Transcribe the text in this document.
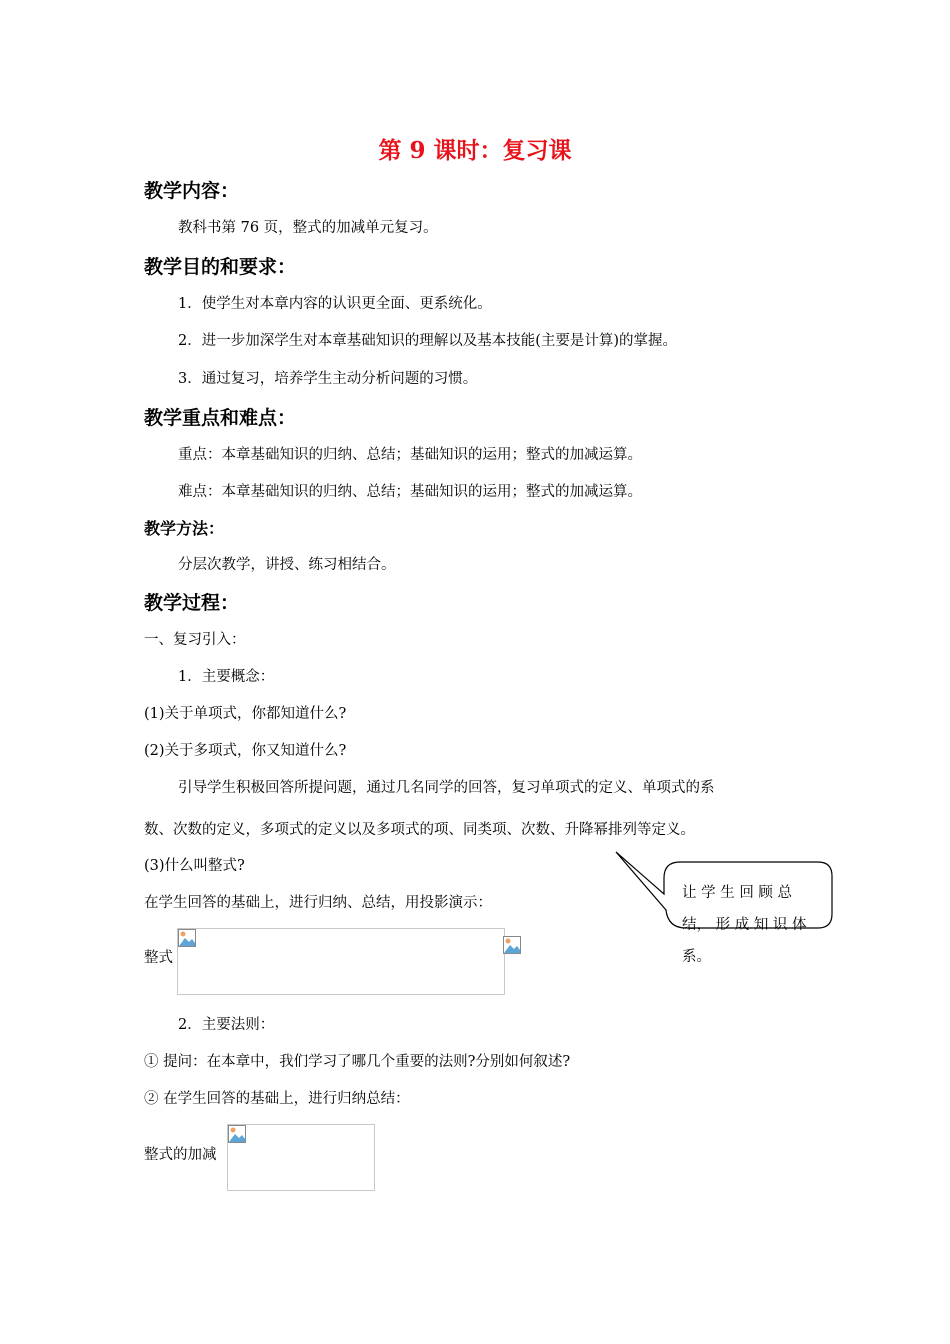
第 9 课时：复习课
教学内容：
教科书第 76 页，整式的加减单元复习。
教学目的和要求：
1．使学生对本章内容的认识更全面、更系统化。
2．进一步加深学生对本章基础知识的理解以及基本技能(主要是计算)的掌握。
3．通过复习，培养学生主动分析问题的习惯。
教学重点和难点：
重点：本章基础知识的归纳、总结；基础知识的运用；整式的加减运算。
难点：本章基础知识的归纳、总结；基础知识的运用；整式的加减运算。
教学方法：
分层次教学，讲授、练习相结合。
教学过程：
一、复习引入：
1．主要概念：
(1)关于单项式，你都知道什么?
(2)关于多项式，你又知道什么?
引导学生积极回答所提问题，通过几名同学的回答，复习单项式的定义、单项式的系
数、次数的定义，多项式的定义以及多项式的项、同类项、次数、升降幂排列等定义。
(3)什么叫整式?
在学生回答的基础上，进行归纳、总结，用投影演示：
让 学 生 回 顾 总
结， 形 成 知 识 体
系。
整式
2．主要法则：
① 提问：在本章中，我们学习了哪几个重要的法则?分别如何叙述?
② 在学生回答的基础上，进行归纳总结：
整式的加减
